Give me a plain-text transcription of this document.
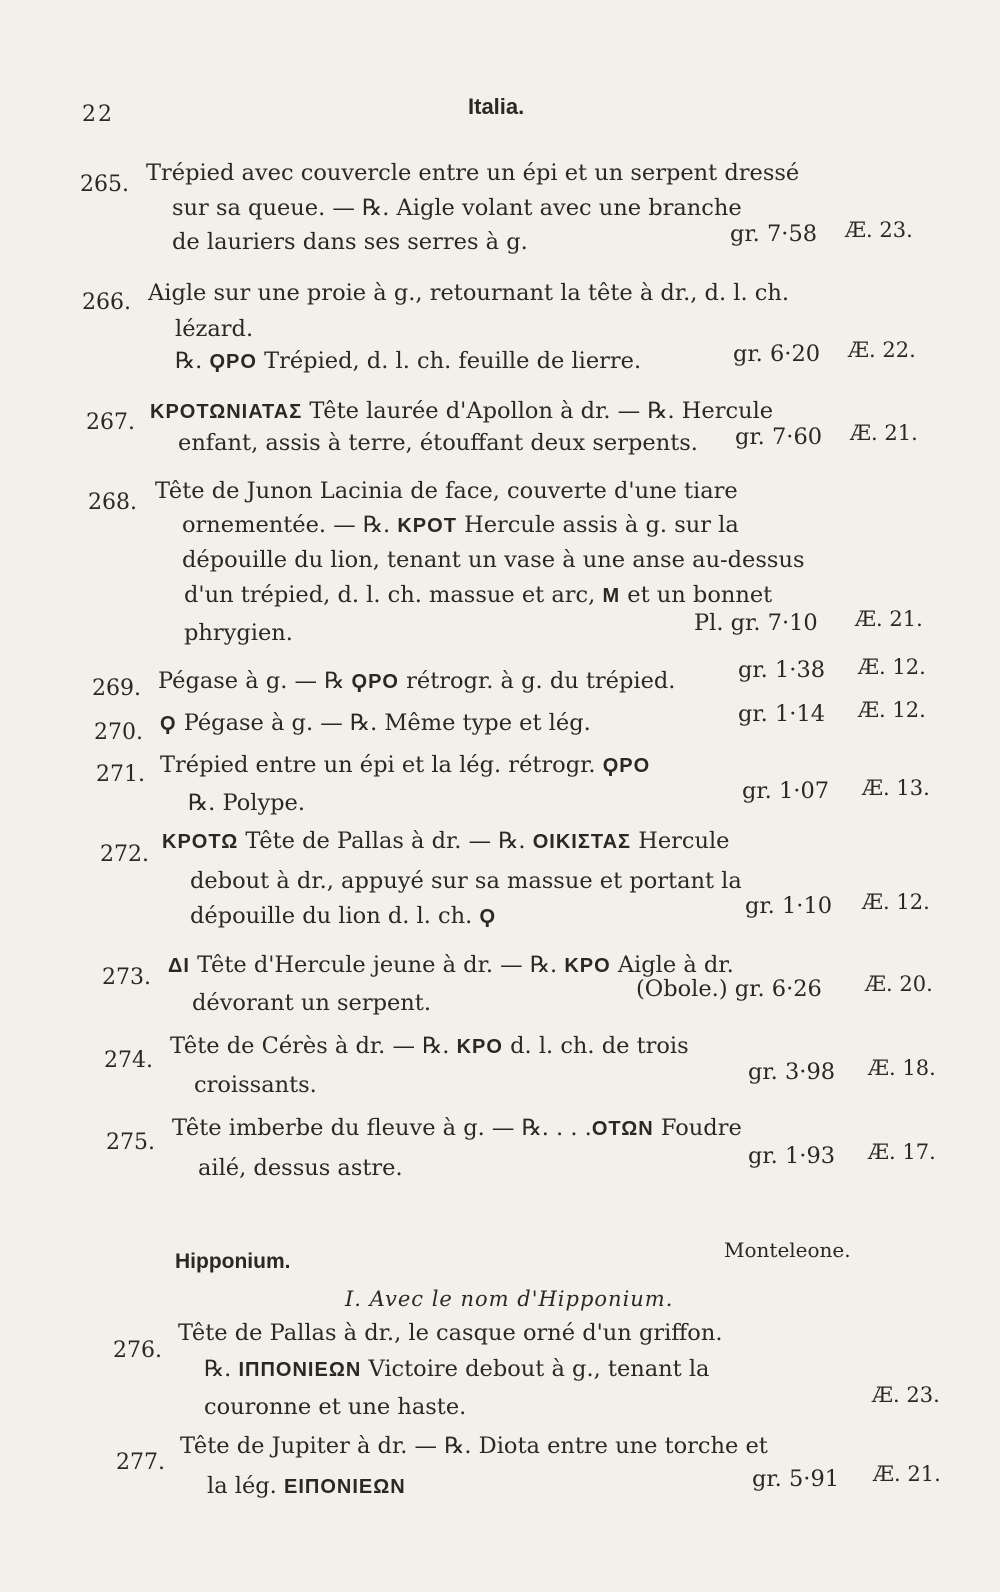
22	Italia.
265. Trépied avec couvercle entre un épi et un serpent dressé
sur sa queue. — ℞. Aigle volant avec une branche
de lauriers dans ses serres à g.	gr. 7·58 Æ. 23.
266. Aigle sur une proie à g., retournant la tête à dr., d. l. ch.
lézard.
℞. ϘΡΟ Trépied, d. l. ch. feuille de lierre.	gr. 6·20 Æ. 22.
267. ΚΡΟΤΩΝΙΑΤΑΣ Tête laurée d'Apollon à dr. — ℞. Hercule
enfant, assis à terre, étouffant deux serpents. gr. 7·60 Æ. 21.
268. Tête de Junon Lacinia de face, couverte d'une tiare
ornementée. — ℞. ΚΡΟΤ Hercule assis à g. sur la
dépouille du lion, tenant un vase à une anse au-dessus
d'un trépied, d. l. ch. massue et arc, Μ et un bonnet
phrygien.	Pl. gr. 7·10 Æ. 21.
269. Pégase à g. — ℞ ϘΡΟ rétrogr. à g. du trépied.	gr. 1·38 Æ. 12.
270. Ϙ Pégase à g. — ℞. Même type et lég.	gr. 1·14 Æ. 12.
271. Trépied entre un épi et la lég. rétrogr. ϘΡΟ
℞. Polype.	gr. 1·07 Æ. 13.
272. ΚΡΟΤΩ Tête de Pallas à dr. — ℞. ΟΙΚΙΣΤΑΣ Hercule
debout à dr., appuyé sur sa massue et portant la
dépouille du lion d. l. ch. Ϙ	gr. 1·10 Æ. 12.
273. ΔΙ Tête d'Hercule jeune à dr. — ℞. ΚΡΟ Aigle à dr.
dévorant un serpent.
(Obole.) gr. 6·26 Æ. 20.
274.
Tête de Cérès à dr. — ℞. ΚΡΟ d. l. ch. de trois
croissants.	gr. 3·98 Æ. 18.
275.
Tête imberbe du fleuve à g. — ℞. . . .ΟΤΩΝ Foudre
ailé, dessus astre.	gr. 1·93 Æ. 17.
Hipponium.	Monteleone.
I. Avec le nom d'Hipponium.
276.
Tête de Pallas à dr., le casque orné d'un griffon.
℞. ΙΠΠΟΝΙΕΩΝ Victoire debout à g., tenant la
couronne et une haste.	Æ. 23.
277.
Tête de Jupiter à dr. — ℞. Diota entre une torche et
la lég. ΕΙΠΟΝΙΕΩΝ	gr. 5·91 Æ. 21.
